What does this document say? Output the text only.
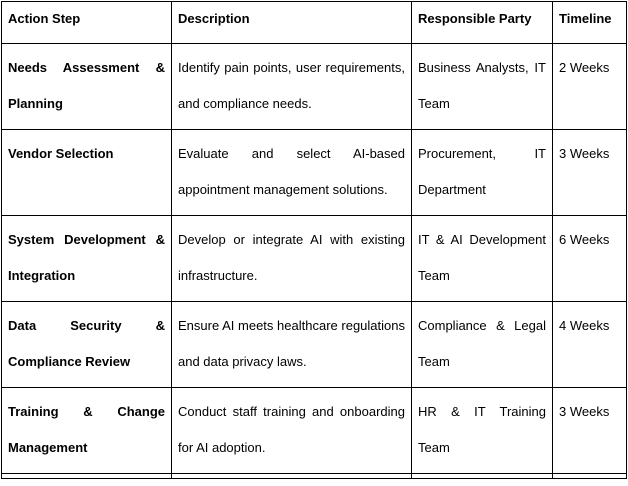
Action Step	Description	Responsible Party	Timeline
Needs Assessment & Planning	Identify pain points, user requirements, and compliance needs.	Business Analysts, IT Team	2 Weeks
Vendor Selection	Evaluate and select AI-based appointment management solutions.	Procurement, IT Department	3 Weeks
System Development & Integration	Develop or integrate AI with existing infrastructure.	IT & AI Development Team	6 Weeks
Data Security & Compliance Review	Ensure AI meets healthcare regulations and data privacy laws.	Compliance & Legal Team	4 Weeks
Training & Change Management	Conduct staff training and onboarding for AI adoption.	HR & IT Training Team	3 Weeks
